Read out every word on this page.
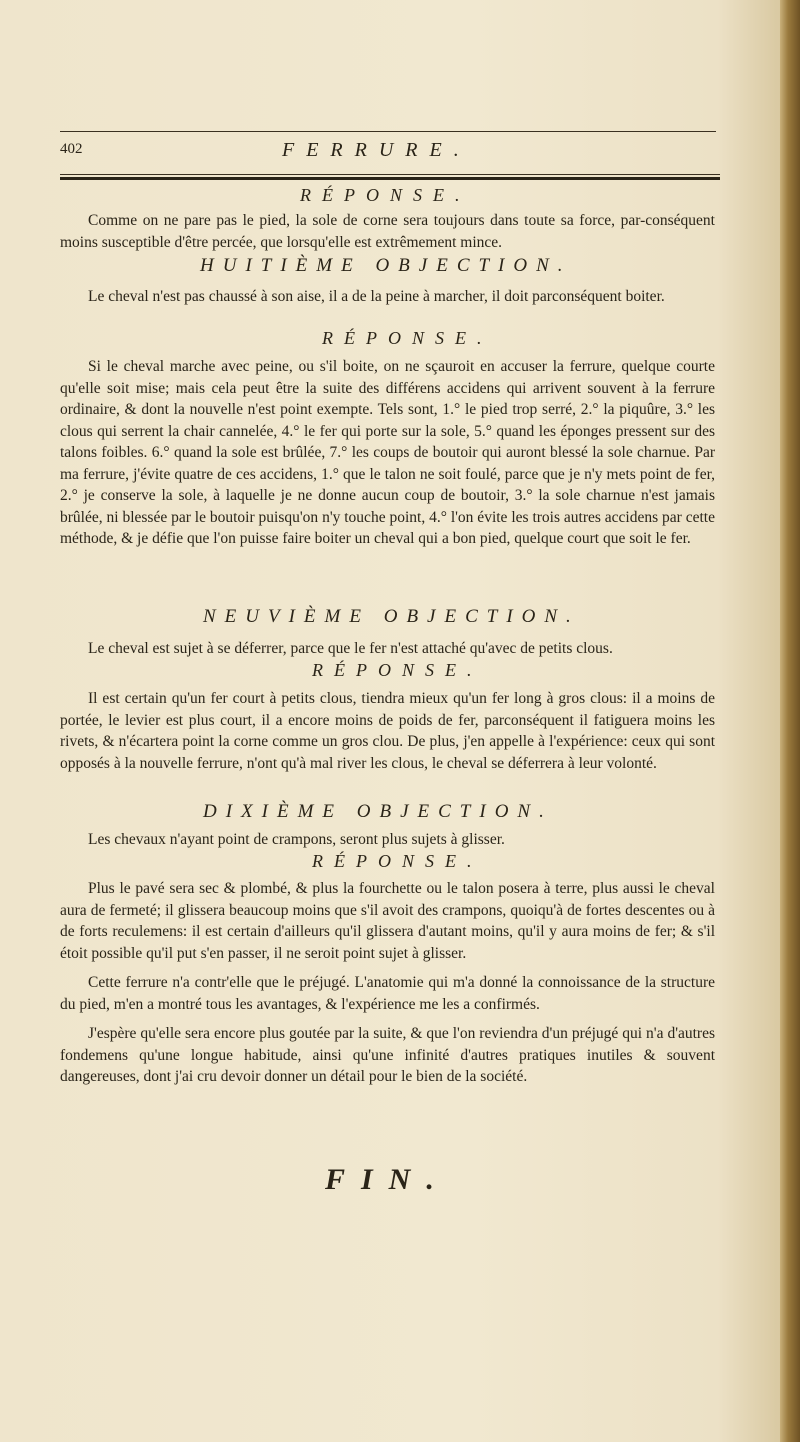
402	FERRURE.
RÉPONSE.

Comme on ne pare pas le pied, la sole de corne sera toujours dans toute sa force, par-conséquent moins susceptible d'être percée, que lorsqu'elle est extrêmement mince.

HUITIÈME OBJECTION.

Le cheval n'est pas chaussé à son aise, il a de la peine à marcher, il doit parconséquent boiter.

RÉPONSE.

Si le cheval marche avec peine, ou s'il boite, on ne sçauroit en accuser la ferrure, quelque courte qu'elle soit mise; mais cela peut être la suite des différens accidens qui arrivent souvent à la ferrure ordinaire, & dont la nouvelle n'est point exempte. Tels sont, 1.° le pied trop serré, 2.° la piquûre, 3.° les clous qui serrent la chair cannelée, 4.° le fer qui porte sur la sole, 5.° quand les éponges pressent sur des talons foibles. 6.° quand la sole est brûlée, 7.° les coups de boutoir qui auront blessé la sole charnue. Par ma ferrure, j'évite quatre de ces accidens, 1.° que le talon ne soit foulé, parce que je n'y mets point de fer, 2.° je conserve la sole, à laquelle je ne donne aucun coup de boutoir, 3.° la sole charnue n'est jamais brûlée, ni blessée par le boutoir puisqu'on n'y touche point, 4.° l'on évite les trois autres accidens par cette méthode, & je défie que l'on puisse faire boiter un cheval qui a bon pied, quelque court que soit le fer.

NEUVIÈME OBJECTION.

Le cheval est sujet à se déferrer, parce que le fer n'est attaché qu'avec de petits clous.

RÉPONSE.

Il est certain qu'un fer court à petits clous, tiendra mieux qu'un fer long à gros clous: il a moins de portée, le levier est plus court, il a encore moins de poids de fer, parconséquent il fatiguera moins les rivets, & n'écartera point la corne comme un gros clou. De plus, j'en appelle à l'expérience: ceux qui sont opposés à la nouvelle ferrure, n'ont qu'à mal river les clous, le cheval se déferrera à leur volonté.

DIXIÈME OBJECTION.

Les chevaux n'ayant point de crampons, seront plus sujets à glisser.

RÉPONSE.

Plus le pavé sera sec & plombé, & plus la fourchette ou le talon posera à terre, plus aussi le cheval aura de fermeté; il glissera beaucoup moins que s'il avoit des crampons, quoiqu'à de fortes descentes ou à de forts reculemens: il est certain d'ailleurs qu'il glissera d'autant moins, qu'il y aura moins de fer; & s'il étoit possible qu'il put s'en passer, il ne seroit point sujet à glisser.

Cette ferrure n'a contr'elle que le préjugé. L'anatomie qui m'a donné la connoissance de la structure du pied, m'en a montré tous les avantages, & l'expérience me les a confirmés.

J'espère qu'elle sera encore plus goutée par la suite, & que l'on reviendra d'un préjugé qui n'a d'autres fondemens qu'une longue habitude, ainsi qu'une infinité d'autres pratiques inutiles & souvent dangereuses, dont j'ai cru devoir donner un détail pour le bien de la société.

FIN.
